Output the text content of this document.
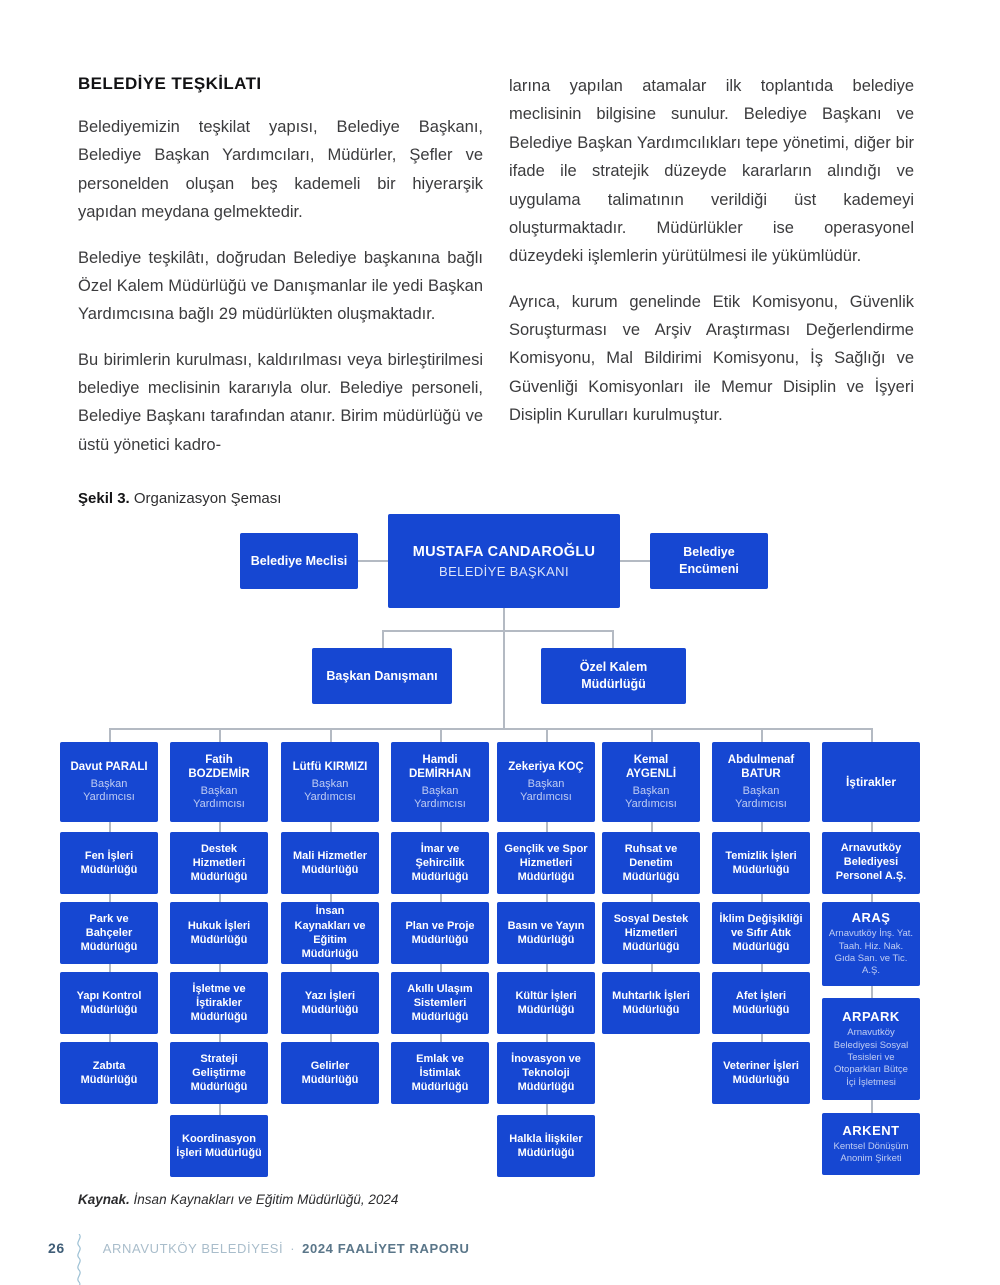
BELEDİYE TEŞKİLATI

Belediyemizin teşkilat yapısı, Belediye Başkanı, Belediye Başkan Yardımcıları, Müdürler, Şefler ve personelden oluşan beş kademeli bir hiyerarşik yapıdan meydana gelmektedir.

Belediye teşkilâtı, doğrudan Belediye başkanına bağlı Özel Kalem Müdürlüğü ve Danışmanlar ile yedi Başkan Yardımcısına bağlı 29 müdürlükten oluşmaktadır.

Bu birimlerin kurulması, kaldırılması veya birleştirilmesi belediye meclisinin kararıyla olur. Belediye personeli, Belediye Başkanı tarafından atanır. Birim müdürlüğü ve üstü yönetici kadro-

larına yapılan atamalar ilk toplantıda belediye meclisinin bilgisine sunulur. Belediye Başkanı ve Belediye Başkan Yardımcılıkları tepe yönetimi, diğer bir ifade ile stratejik düzeyde kararların alındığı ve uygulama talimatının verildiği üst kademeyi oluşturmaktadır. Müdürlükler ise operasyonel düzeydeki işlemlerin yürütülmesi ile yükümlüdür.

Ayrıca, kurum genelinde Etik Komisyonu, Güvenlik Soruşturması ve Arşiv Araştırması Değerlendirme Komisyonu, Mal Bildirimi Komisyonu, İş Sağlığı ve Güvenliği Komisyonları ile Memur Disiplin ve İşyeri Disiplin Kurulları kurulmuştur.

Şekil 3. Organizasyon Şeması

MUSTAFA CANDAROĞLU
BELEDİYE BAŞKANI
Belediye Meclisi
Belediye Encümeni
Başkan Danışmanı
Özel Kalem Müdürlüğü
Davut PARALI
Başkan Yardımcısı
Fatih BOZDEMİR
Başkan Yardımcısı
Lütfü KIRMIZI
Başkan Yardımcısı
Hamdi DEMİRHAN
Başkan Yardımcısı
Zekeriya KOÇ
Başkan Yardımcısı
Kemal AYGENLİ
Başkan Yardımcısı
Abdulmenaf BATUR
Başkan Yardımcısı
İştirakler
Fen İşleri Müdürlüğü
Park ve Bahçeler Müdürlüğü
Yapı Kontrol Müdürlüğü
Zabıta Müdürlüğü
Destek Hizmetleri Müdürlüğü
Hukuk İşleri Müdürlüğü
İşletme ve İştirakler Müdürlüğü
Strateji Geliştirme Müdürlüğü
Koordinasyon İşleri Müdürlüğü
Mali Hizmetler Müdürlüğü
İnsan Kaynakları ve Eğitim Müdürlüğü
Yazı İşleri Müdürlüğü
Gelirler Müdürlüğü
İmar ve Şehircilik Müdürlüğü
Plan ve Proje Müdürlüğü
Akıllı Ulaşım Sistemleri Müdürlüğü
Emlak ve İstimlak Müdürlüğü
Gençlik ve Spor Hizmetleri Müdürlüğü
Basın ve Yayın Müdürlüğü
Kültür İşleri Müdürlüğü
İnovasyon ve Teknoloji Müdürlüğü
Halkla İlişkiler Müdürlüğü
Ruhsat ve Denetim Müdürlüğü
Sosyal Destek Hizmetleri Müdürlüğü
Muhtarlık İşleri Müdürlüğü
Temizlik İşleri Müdürlüğü
İklim Değişikliği ve Sıfır Atık Müdürlüğü
Afet İşleri Müdürlüğü
Veteriner İşleri Müdürlüğü
Arnavutköy Belediyesi Personel A.Ş.
ARAŞ
Arnavutköy İnş. Yat. Taah. Hiz. Nak. Gıda San. ve Tic. A.Ş.
ARPARK
Arnavutköy Belediyesi Sosyal Tesisleri ve Otoparkları Bütçe İçi İşletmesi
ARKENT
Kentsel Dönüşüm Anonim Şirketi

Kaynak. İnsan Kaynakları ve Eğitim Müdürlüğü, 2024

26	ARNAVUTKÖY BELEDİYESİ · 2024 FAALİYET RAPORU
